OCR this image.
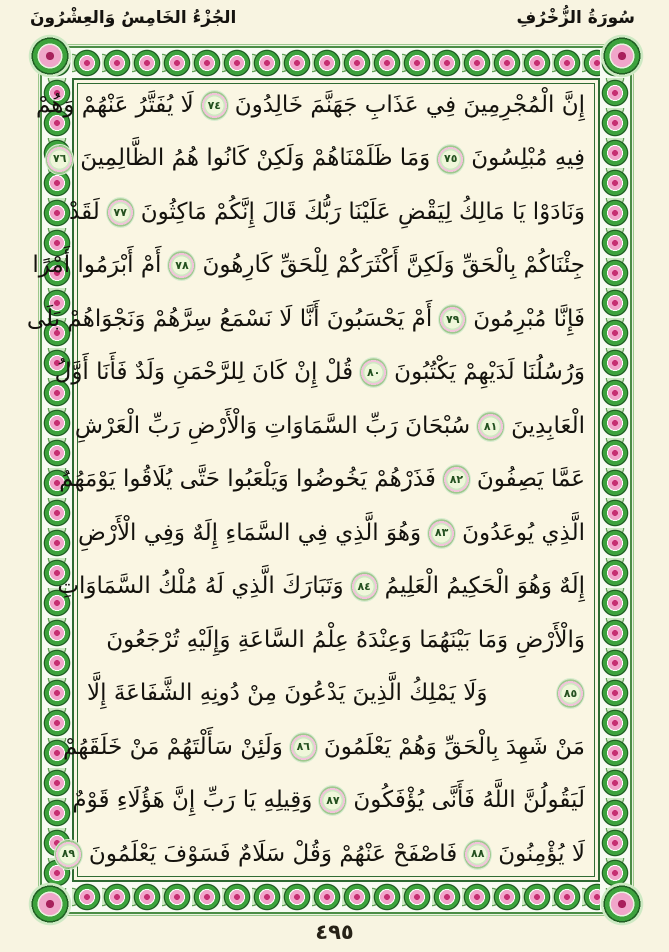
الجُزْءُ الخَامِسُ وَالعِشْرُونَ	سُورَةُ الزُّخْرُفِ
إِنَّ الْمُجْرِمِينَ فِي عَذَابِ جَهَنَّمَ خَالِدُونَ
٧٤
لَا يُفَتَّرُ عَنْهُمْ وَهُمْ
فِيهِ مُبْلِسُونَ
٧٥
وَمَا ظَلَمْنَاهُمْ وَلَكِنْ كَانُوا هُمُ الظَّالِمِينَ
٧٦
وَنَادَوْا يَا مَالِكُ لِيَقْضِ عَلَيْنَا رَبُّكَ قَالَ إِنَّكُمْ مَاكِثُونَ
٧٧
لَقَدْ
جِئْنَاكُمْ بِالْحَقِّ وَلَكِنَّ أَكْثَرَكُمْ لِلْحَقِّ كَارِهُونَ
٧٨
أَمْ أَبْرَمُوا أَمْرًا
فَإِنَّا مُبْرِمُونَ
٧٩
أَمْ يَحْسَبُونَ أَنَّا لَا نَسْمَعُ سِرَّهُمْ وَنَجْوَاهُمْ بَلَى
وَرُسُلُنَا لَدَيْهِمْ يَكْتُبُونَ
٨٠
قُلْ إِنْ كَانَ لِلرَّحْمَنِ وَلَدٌ فَأَنَا أَوَّلُ
الْعَابِدِينَ
٨١
سُبْحَانَ رَبِّ السَّمَاوَاتِ وَالْأَرْضِ رَبِّ الْعَرْشِ
عَمَّا يَصِفُونَ
٨٢
فَذَرْهُمْ يَخُوضُوا وَيَلْعَبُوا حَتَّى يُلَاقُوا يَوْمَهُمُ
الَّذِي يُوعَدُونَ
٨٣
وَهُوَ الَّذِي فِي السَّمَاءِ إِلَهٌ وَفِي الْأَرْضِ
إِلَهٌ وَهُوَ الْحَكِيمُ الْعَلِيمُ
٨٤
وَتَبَارَكَ الَّذِي لَهُ مُلْكُ السَّمَاوَاتِ
وَالْأَرْضِ وَمَا بَيْنَهُمَا وَعِنْدَهُ عِلْمُ السَّاعَةِ وَإِلَيْهِ تُرْجَعُونَ
٨٥
وَلَا يَمْلِكُ الَّذِينَ يَدْعُونَ مِنْ دُونِهِ الشَّفَاعَةَ إِلَّا
مَنْ شَهِدَ بِالْحَقِّ وَهُمْ يَعْلَمُونَ
٨٦
وَلَئِنْ سَأَلْتَهُمْ مَنْ خَلَقَهُمْ
لَيَقُولُنَّ اللَّهُ فَأَنَّى يُؤْفَكُونَ
٨٧
وَقِيلِهِ يَا رَبِّ إِنَّ هَؤُلَاءِ قَوْمٌ
لَا يُؤْمِنُونَ
٨٨
فَاصْفَحْ عَنْهُمْ وَقُلْ سَلَامٌ فَسَوْفَ يَعْلَمُونَ
٨٩
٤٩٥
